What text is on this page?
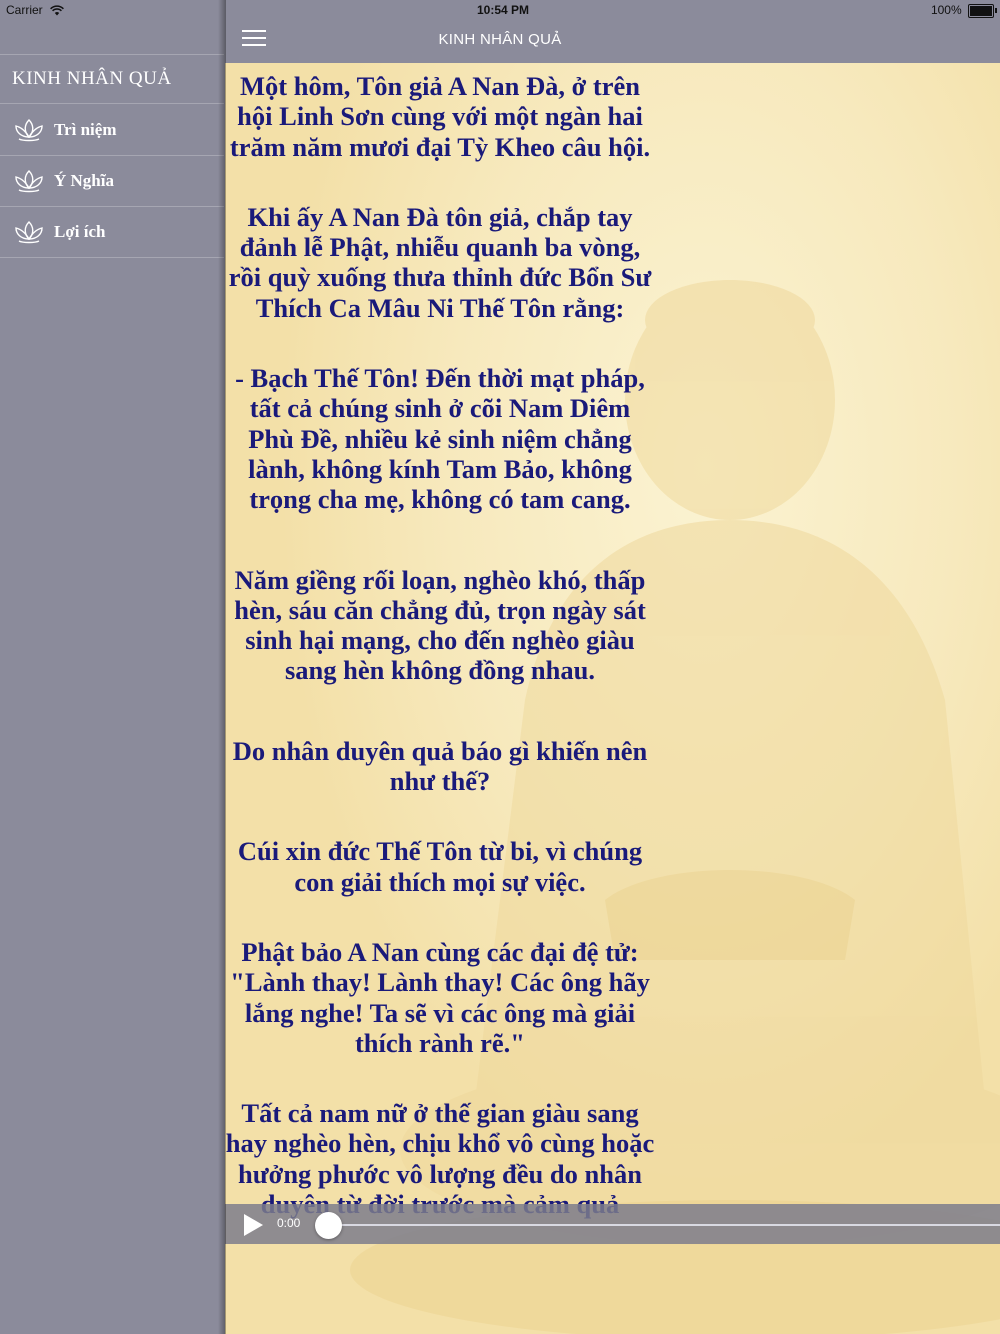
Carrier
KINH NHÂN QUẢ
Trì niệm
Ý Nghĩa
Lợi ích
10:54 PM	100%
KINH NHÂN QUẢ

Một hôm, Tôn giả A Nan Đà, ở trên hội Linh Sơn cùng với một ngàn hai trăm năm mươi đại Tỳ Kheo câu hội.

Khi ấy A Nan Đà tôn giả, chắp tay đảnh lễ Phật, nhiễu quanh ba vòng, rồi quỳ xuống thưa thỉnh đức Bổn Sư Thích Ca Mâu Ni Thế Tôn rằng:

- Bạch Thế Tôn! Đến thời mạt pháp, tất cả chúng sinh ở cõi Nam Diêm Phù Đề, nhiều kẻ sinh niệm chẳng lành, không kính Tam Bảo, không trọng cha mẹ, không có tam cang.

Năm giềng rối loạn, nghèo khó, thấp hèn, sáu căn chẳng đủ, trọn ngày sát sinh hại mạng, cho đến nghèo giàu sang hèn không đồng nhau.

Do nhân duyên quả báo gì khiến nên như thế?

Cúi xin đức Thế Tôn từ bi, vì chúng con giải thích mọi sự việc.

Phật bảo A Nan cùng các đại đệ tử: "Lành thay! Lành thay! Các ông hãy lắng nghe! Ta sẽ vì các ông mà giải thích rành rẽ."

Tất cả nam nữ ở thế gian giàu sang hay nghèo hèn, chịu khổ vô cùng hoặc hưởng phước vô lượng đều do nhân

0:00
